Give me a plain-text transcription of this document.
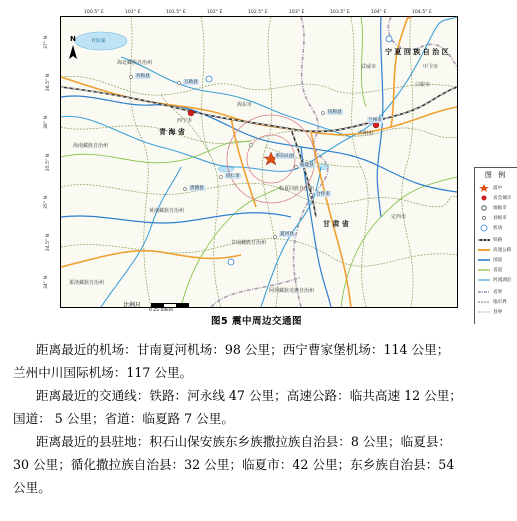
N
青 海 省
甘 肃 省
宁 夏 回 族 自 治 区
海北藏族自治州
海南藏族自治州
黄南藏族自治州
甘南藏族自治州
临夏回族自治州
海东市
西宁市
兰州市
白银市
定西市
中卫市
武威市
果洛藏族自治州
阿坝藏族羌族自治州
青海湖
兰州市
积石山县
临夏县
夏河县
同仁市
贵德县
民和县
互助县
共和县
合作市
图 例
震中
省会城市
地级市
县级市
机场
铁路
高速公路
国道
省道
河流湖泊
省界
地市界
县界
比例尺
0 25 50km
100.5° E	101° E	101.5° E	102° E	102.5° E	103° E	103.5° E	104° E	104.5° E
37° N
36.5° N
36° N
35.5° N
35° N
34.5° N
34° N
图5 震中周边交通图
距离最近的机场：甘南夏河机场：98 公里；西宁曹家堡机场：114 公里；
兰州中川国际机场：117 公里。
距离最近的交通线：铁路：河永线 47 公里；高速公路：临共高速 12 公里；
国道： 5 公里；省道：临夏路 7 公里。
距离最近的县驻地：积石山保安族东乡族撒拉族自治县：8 公里；临夏县：
30 公里；循化撒拉族自治县：32 公里；临夏市：42 公里；东乡族自治县：54
公里。
